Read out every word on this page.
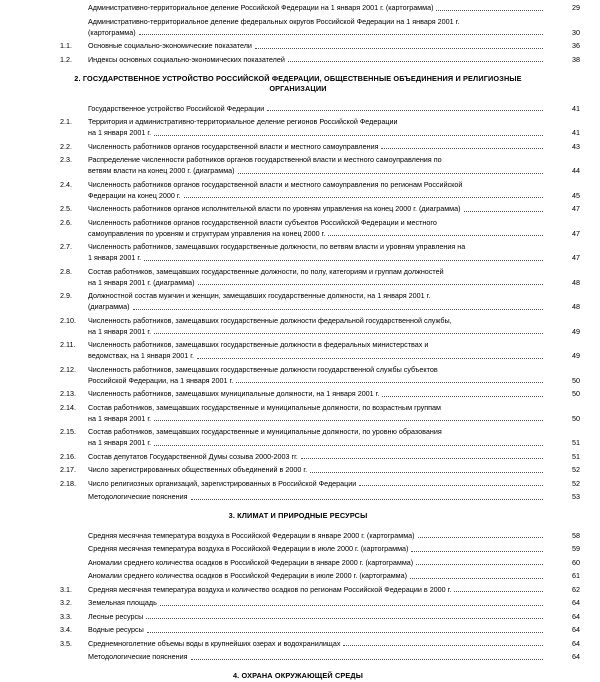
Административно-территориальное деление Российской Федерации на 1 января 2001 г. (картограмма)	29
Административно-территориальное деление федеральных округов Российской Федерации на 1 января 2001 г.
(картограмма)	30
1.1.	Основные социально-экономические показатели	36
1.2.	Индексы основных социально-экономических показателей	38
2. ГОСУДАРСТВЕННОЕ УСТРОЙСТВО РОССИЙСКОЙ ФЕДЕРАЦИИ, ОБЩЕСТВЕННЫЕ ОБЪЕДИНЕНИЯ И РЕЛИГИОЗНЫЕ ОРГАНИЗАЦИИ
Государственное устройство Российской Федерации	41
2.1.	Территория и административно-территориальное деление регионов Российской Федерации
на 1 января 2001 г.	41
2.2.	Численность работников органов государственной власти и местного самоуправления	43
2.3.	Распределение численности работников органов государственной власти и местного самоуправления по
ветвям власти на конец 2000 г. (диаграмма)	44
2.4.	Численность работников органов государственной власти и местного самоуправления по регионам Российской
Федерации на конец 2000 г.	45
2.5.	Численность работников органов исполнительной власти по уровням управления на конец 2000 г. (диаграмма)	47
2.6.	Численность работников органов государственной власти субъектов Российской Федерации и местного
самоуправления по уровням и структурам управления на конец 2000 г.	47
2.7.	Численность работников, замещавших государственные должности, по ветвям власти и уровням управления на
1 января 2001 г.	47
2.8.	Состав работников, замещавших государственные должности, по полу, категориям и группам должностей
на 1 января 2001 г. (диаграмма)	48
2.9.	Должностной состав мужчин и женщин, замещавших государственные должности, на 1 января 2001 г.
(диаграмма)	48
2.10.	Численность работников, замещавших государственные должности федеральной государственной службы,
на 1 января 2001 г.	49
2.11.	Численность работников, замещавших государственные должности в федеральных министерствах и
ведомствах, на 1 января 2001 г.	49
2.12.	Численность работников, замещавших государственные должности государственной службы субъектов
Российской Федерации, на 1 января 2001 г.	50
2.13.	Численность работников, замещавших муниципальные должности, на 1 января 2001 г.	50
2.14.	Состав работников, замещавших государственные и муниципальные должности, по возрастным группам
на 1 января 2001 г.	50
2.15.	Состав работников, замещавших государственные и муниципальные должности, по уровню образования
на 1 января 2001 г.	51
2.16.	Состав депутатов Государственной Думы созыва 2000-2003 гг.	51
2.17.	Число зарегистрированных общественных объединений в 2000 г.	52
2.18.	Число религиозных организаций, зарегистрированных в Российской Федерации	52
Методологические пояснения	53
3. КЛИМАТ И ПРИРОДНЫЕ РЕСУРСЫ
Средняя месячная температура воздуха в Российской Федерации в январе 2000 г. (картограмма)	58
Средняя месячная температура воздуха в Российской Федерации в июле 2000 г. (картограмма)	59
Аномалии среднего количества осадков в Российской Федерации в январе 2000 г. (картограмма)	60
Аномалии среднего количества осадков в Российской Федерации в июле 2000 г. (картограмма)	61
3.1.	Средняя месячная температура воздуха и количество осадков по регионам Российской Федерации в 2000 г.	62
3.2.	Земельная площадь	64
3.3.	Лесные ресурсы	64
3.4.	Водные ресурсы	64
3.5.	Среднемноголетние объемы воды в крупнейших озерах и водохранилищах	64
Методологические пояснения	64
4. ОХРАНА ОКРУЖАЮЩЕЙ СРЕДЫ
